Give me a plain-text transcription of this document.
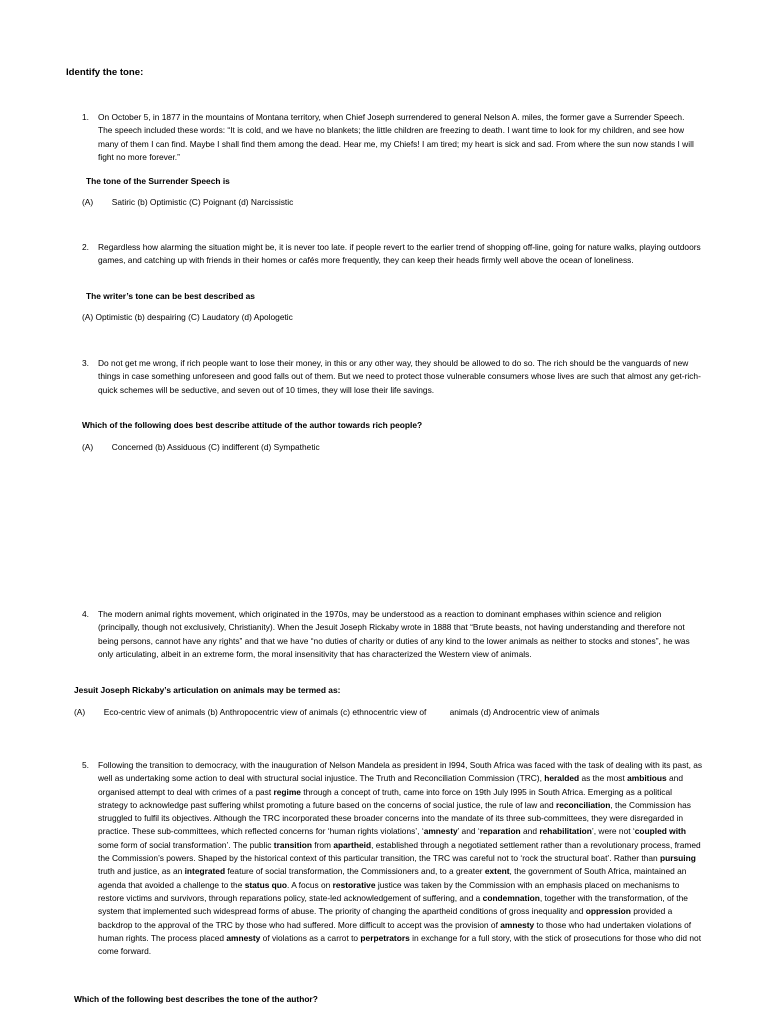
Identify the tone:
1. On October 5, in 1877 in the mountains of Montana territory, when Chief Joseph surrendered to general Nelson A. miles, the former gave a Surrender Speech. The speech included these words: “It is cold, and we have no blankets; the little children are freezing to death. I want time to look for my children, and see how many of them I can find. Maybe I shall find them among the dead. Hear me, my Chiefs! I am tired; my heart is sick and sad. From where the sun now stands I will fight no more forever.”
The tone of the Surrender Speech is
(A)        Satiric (b) Optimistic (C) Poignant (d) Narcissistic
2. Regardless how alarming the situation might be, it is never too late. if people revert to the earlier trend of shopping off-line, going for nature walks, playing outdoors games, and catching up with friends in their homes or cafés more frequently, they can keep their heads firmly well above the ocean of loneliness.
The writer’s tone can be best described as
(A) Optimistic (b) despairing (C) Laudatory (d) Apologetic
3. Do not get me wrong, if rich people want to lose their money, in this or any other way, they should be allowed to do so. The rich should be the vanguards of new things in case something unforeseen and good falls out of them. But we need to protect those vulnerable consumers whose lives are such that almost any get-rich-quick schemes will be seductive, and seven out of 10 times, they will lose their life savings.
Which of the following does best describe attitude of the author towards rich people?
(A)        Concerned (b) Assiduous (C) indifferent (d) Sympathetic
4. The modern animal rights movement, which originated in the 1970s, may be understood as a reaction to dominant emphases within science and religion (principally, though not exclusively, Christianity). When the Jesuit Joseph Rickaby wrote in 1888 that “Brute beasts, not having understanding and therefore not being persons, cannot have any rights” and that we have “no duties of charity or duties of any kind to the lower animals as neither to stocks and stones”, he was only articulating, albeit in an extreme form, the moral insensitivity that has characterized the Western view of animals.
Jesuit Joseph Rickaby’s articulation on animals may be termed as:
(A)        Eco-centric view of animals (b) Anthropocentric view of animals (c) ethnocentric view of          animals (d) Androcentric view of animals
5. Following the transition to democracy, with the inauguration of Nelson Mandela as president in I994, South Africa was faced with the task of dealing with its past, as well as undertaking some action to deal with structural social injustice. The Truth and Reconciliation Commission (TRC), heralded as the most ambitious and organised attempt to deal with crimes of a past regime through a concept of truth, came into force on 19th July I995 in South Africa. Emerging as a political strategy to acknowledge past suffering whilst promoting a future based on the concerns of social justice, the rule of law and reconciliation, the Commission has struggled to fulfil its objectives. Although the TRC incorporated these broader concerns into the mandate of its three sub-committees, they were disregarded in practice. These sub-committees, which reflected concerns for ‘human rights violations’, ‘amnesty’ and ‘reparation and rehabilitation’, were not ‘coupled with some form of social transformation’. The public transition from apartheid, established through a negotiated settlement rather than a revolutionary process, framed the Commission’s powers. Shaped by the historical context of this particular transition, the TRC was careful not to ‘rock the structural boat’. Rather than pursuing truth and justice, as an integrated feature of social transformation, the Commissioners and, to a greater extent, the government of South Africa, maintained an agenda that avoided a challenge to the status quo. A focus on restorative justice was taken by the Commission with an emphasis placed on mechanisms to restore victims and survivors, through reparations policy, state-led acknowledgement of suffering, and a condemnation, together with the transformation, of the system that implemented such widespread forms of abuse. The priority of changing the apartheid conditions of gross inequality and oppression provided a backdrop to the approval of the TRC by those who had suffered. More difficult to accept was the provision of amnesty to those who had undertaken violations of human rights. The process placed amnesty of violations as a carrot to perpetrators in exchange for a full story, with the stick of prosecutions for those who did not come forward.
Which of the following best describes the tone of the author?
